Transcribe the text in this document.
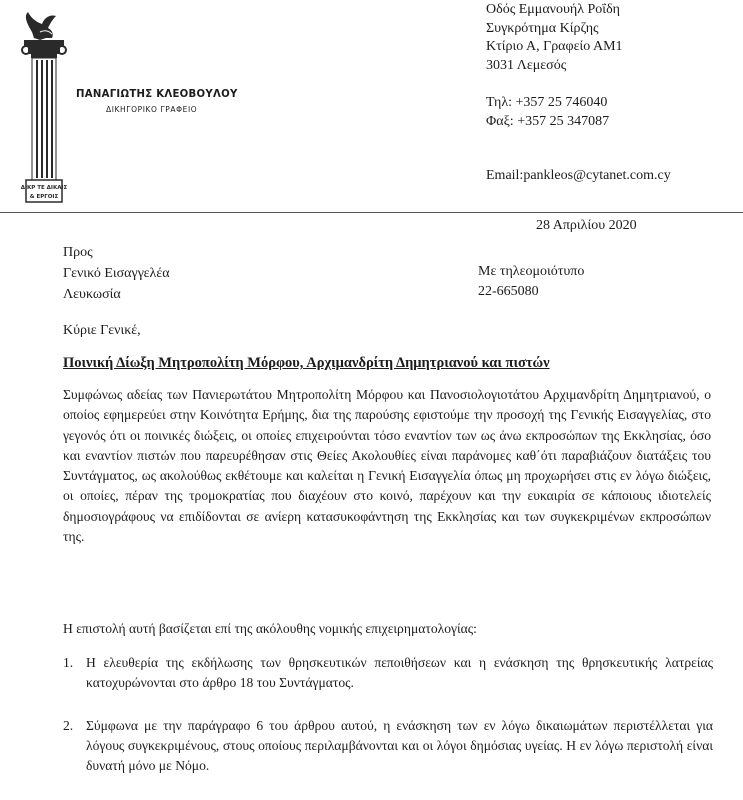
ΔΙΚΡ ΤΕ ΔΙΚΑΙΣ
& ΕΡΓΟΙΣ
ΠΑΝΑΓΙΩΤΗΣ ΚΛΕΟΒΟΥΛΟΥ
ΔΙΚΗΓΟΡΙΚΟ ΓΡΑΦΕΙΟ
Οδός Εμμανουήλ Ροΐδη
Συγκρότημα Κίρζης
Κτίριο Α, Γραφείο ΑΜ1
3031 Λεμεσός
Τηλ: +357 25 746040
Φαξ: +357 25 347087
Email:pankleos@cytanet.com.cy
28 Απριλίου 2020
Προς
Γενικό Εισαγγελέα
Λευκωσία
Με τηλεομοιότυπο
22-665080
Κύριε Γενικέ,
Ποινική Δίωξη Μητροπολίτη Μόρφου, Αρχιμανδρίτη Δημητριανού και πιστών
Συμφώνως αδείας των Πανιερωτάτου Μητροπολίτη Μόρφου και Πανοσιολογιοτάτου Αρχιμανδρίτη Δημητριανού, ο οποίος εφημερεύει στην Κοινότητα Ερήμης, δια της παρούσης εφιστούμε την προσοχή της Γενικής Εισαγγελίας, στο γεγονός ότι οι ποινικές διώξεις, οι οποίες επιχειρούνται τόσο εναντίον των ως άνω εκπροσώπων της Εκκλησίας, όσο και εναντίον πιστών που παρευρέθησαν στις Θείες Ακολουθίες είναι παράνομες καθ΄ότι παραβιάζουν διατάξεις του Συντάγματος, ως ακολούθως εκθέτουμε και καλείται η Γενική Εισαγγελία όπως μη προχωρήσει στις εν λόγω διώξεις, οι οποίες, πέραν της τρομοκρατίας που διαχέουν στο κοινό, παρέχουν και την ευκαιρία σε κάποιους ιδιοτελείς δημοσιογράφους να επιδίδονται σε ανίερη κατασυκοφάντηση της Εκκλησίας και των συγκεκριμένων εκπροσώπων της.
Η επιστολή αυτή βασίζεται επί της ακόλουθης νομικής επιχειρηματολογίας:
1. Η ελευθερία της εκδήλωσης των θρησκευτικών πεποιθήσεων και η ενάσκηση της θρησκευτικής λατρείας κατοχυρώνονται στο άρθρο 18 του Συντάγματος.
2. Σύμφωνα με την παράγραφο 6 του άρθρου αυτού, η ενάσκηση των εν λόγω δικαιωμάτων περιστέλλεται για λόγους συγκεκριμένους, στους οποίους περιλαμβάνονται και οι λόγοι δημόσιας υγείας. Η εν λόγω περιστολή είναι δυνατή μόνο με Νόμο.
